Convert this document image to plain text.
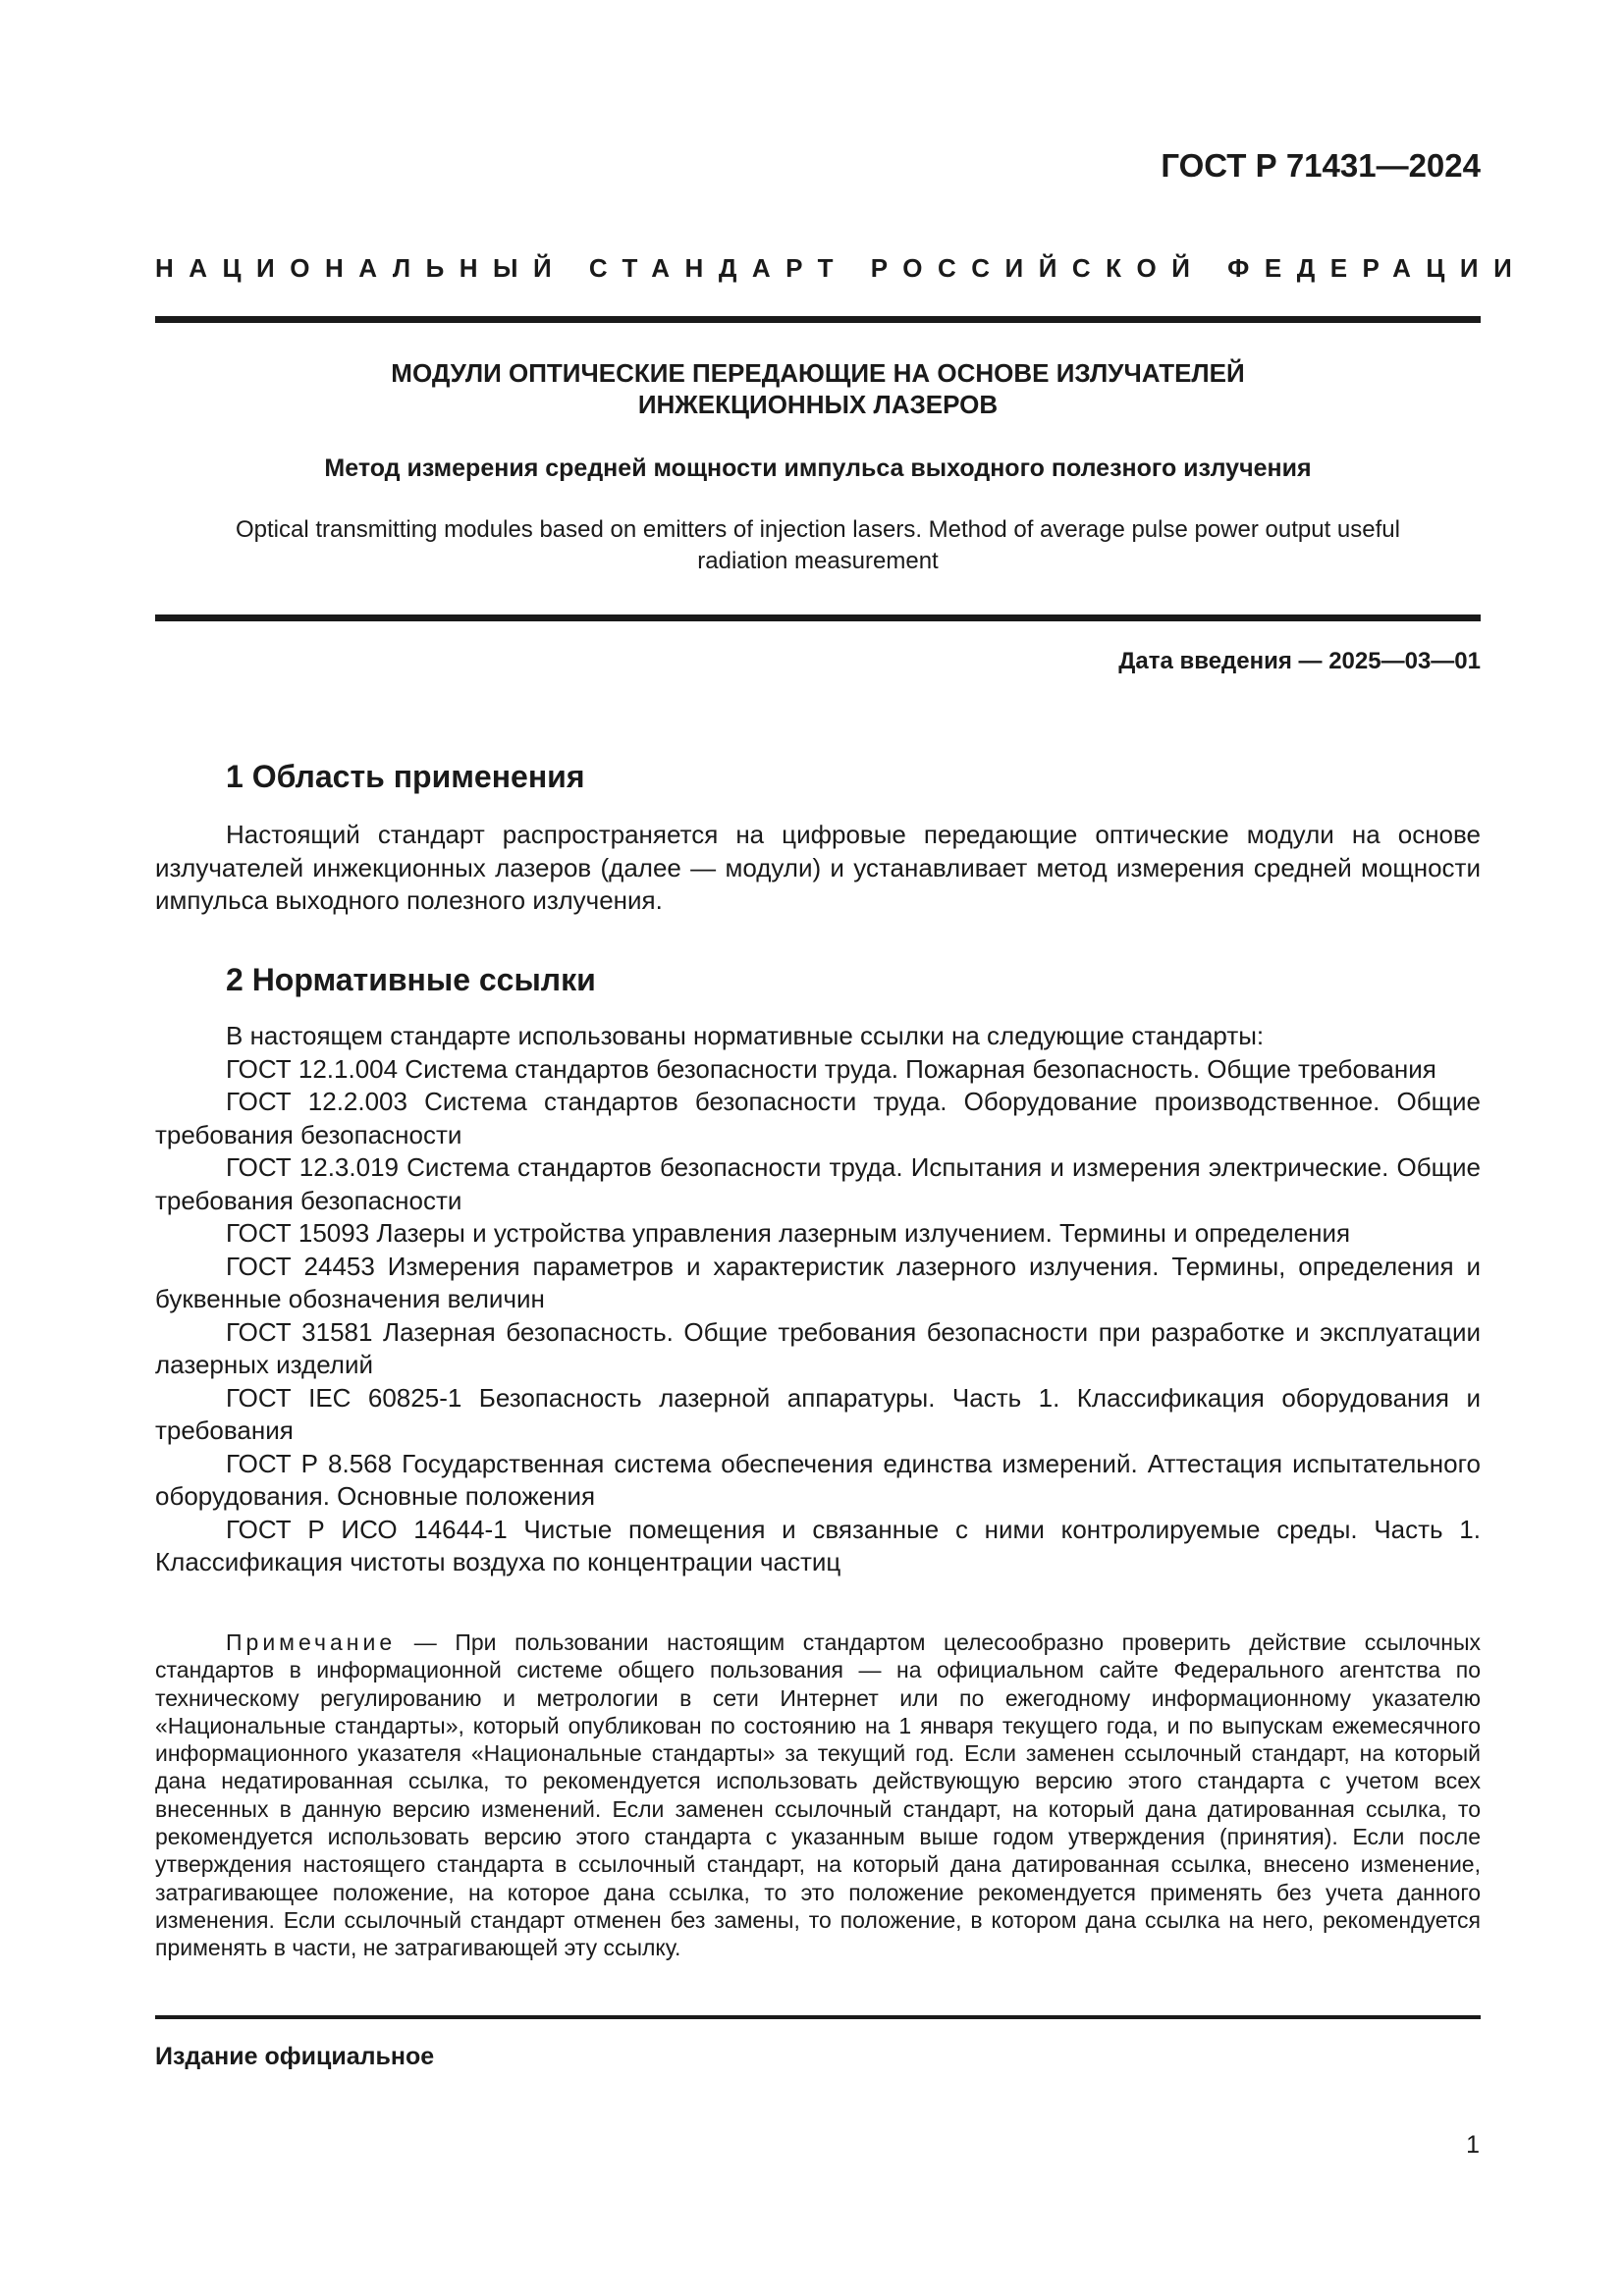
ГОСТ Р 71431—2024
НАЦИОНАЛЬНЫЙ СТАНДАРТ РОССИЙСКОЙ ФЕДЕРАЦИИ
МОДУЛИ ОПТИЧЕСКИЕ ПЕРЕДАЮЩИЕ НА ОСНОВЕ ИЗЛУЧАТЕЛЕЙ
ИНЖЕКЦИОННЫХ ЛАЗЕРОВ
Метод измерения средней мощности импульса выходного полезного излучения
Optical transmitting modules based on emitters of injection lasers. Method of average pulse power output useful
radiation measurement
Дата введения — 2025—03—01
1 Область применения

Настоящий стандарт распространяется на цифровые передающие оптические модули на основе излучателей инжекционных лазеров (далее — модули) и устанавливает метод измерения средней мощности импульса выходного полезного излучения.

2 Нормативные ссылки

В настоящем стандарте использованы нормативные ссылки на следующие стандарты:

ГОСТ 12.1.004 Система стандартов безопасности труда. Пожарная безопасность. Общие требования

ГОСТ 12.2.003 Система стандартов безопасности труда. Оборудование производственное. Общие требования безопасности

ГОСТ 12.3.019 Система стандартов безопасности труда. Испытания и измерения электрические. Общие требования безопасности

ГОСТ 15093 Лазеры и устройства управления лазерным излучением. Термины и определения

ГОСТ 24453 Измерения параметров и характеристик лазерного излучения. Термины, определения и буквенные обозначения величин

ГОСТ 31581 Лазерная безопасность. Общие требования безопасности при разработке и эксплуатации лазерных изделий

ГОСТ IEC 60825-1 Безопасность лазерной аппаратуры. Часть 1. Классификация оборудования и требования

ГОСТ Р 8.568 Государственная система обеспечения единства измерений. Аттестация испытательного оборудования. Основные положения

ГОСТ Р ИСО 14644-1 Чистые помещения и связанные с ними контролируемые среды. Часть 1. Классификация чистоты воздуха по концентрации частиц

Примечание — При пользовании настоящим стандартом целесообразно проверить действие ссылочных стандартов в информационной системе общего пользования — на официальном сайте Федерального агентства по техническому регулированию и метрологии в сети Интернет или по ежегодному информационному указателю «Национальные стандарты», который опубликован по состоянию на 1 января текущего года, и по выпускам ежемесячного информационного указателя «Национальные стандарты» за текущий год. Если заменен ссылочный стандарт, на который дана недатированная ссылка, то рекомендуется использовать действующую версию этого стандарта с учетом всех внесенных в данную версию изменений. Если заменен ссылочный стандарт, на который дана датированная ссылка, то рекомендуется использовать версию этого стандарта с указанным выше годом утверждения (принятия). Если после утверждения настоящего стандарта в ссылочный стандарт, на который дана датированная ссылка, внесено изменение, затрагивающее положение, на которое дана ссылка, то это положение рекомендуется применять без учета данного изменения. Если ссылочный стандарт отменен без замены, то положение, в котором дана ссылка на него, рекомендуется применять в части, не затрагивающей эту ссылку.
Издание официальное
1
